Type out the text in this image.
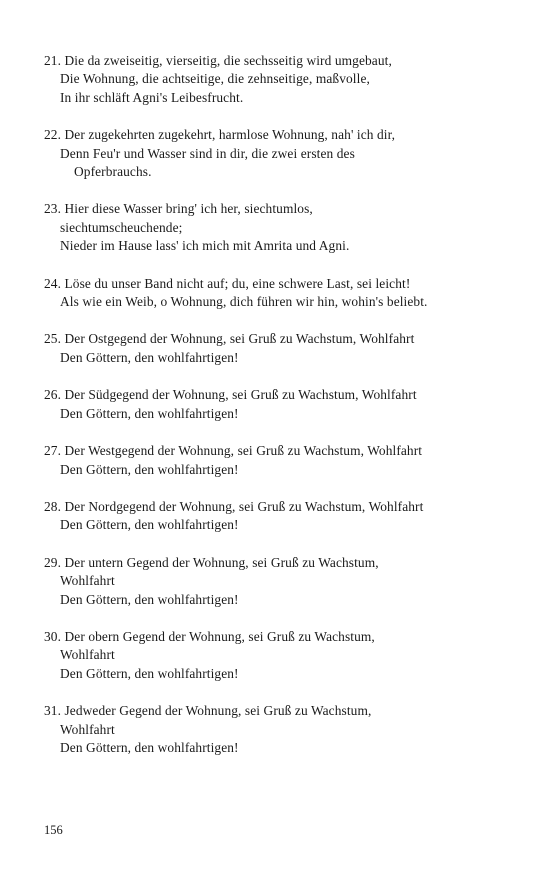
21. Die da zweiseitig, vierseitig, die sechsseitig wird umgebaut,
Die Wohnung, die achtseitige, die zehnseitige, maßvolle,
In ihr schläft Agni's Leibesfrucht.

22. Der zugekehrten zugekehrt, harmlose Wohnung, nah' ich dir,
Denn Feu'r und Wasser sind in dir, die zwei ersten des
Opferbrauchs.

23. Hier diese Wasser bring' ich her, siechtumlos,
siechtumscheuchende;
Nieder im Hause lass' ich mich mit Amrita und Agni.

24. Löse du unser Band nicht auf; du, eine schwere Last, sei leicht!
Als wie ein Weib, o Wohnung, dich führen wir hin, wohin's beliebt.

25. Der Ostgegend der Wohnung, sei Gruß zu Wachstum, Wohlfahrt
Den Göttern, den wohlfahrtigen!

26. Der Südgegend der Wohnung, sei Gruß zu Wachstum, Wohlfahrt
Den Göttern, den wohlfahrtigen!

27. Der Westgegend der Wohnung, sei Gruß zu Wachstum, Wohlfahrt
Den Göttern, den wohlfahrtigen!

28. Der Nordgegend der Wohnung, sei Gruß zu Wachstum, Wohlfahrt
Den Göttern, den wohlfahrtigen!

29. Der untern Gegend der Wohnung, sei Gruß zu Wachstum,
Wohlfahrt
Den Göttern, den wohlfahrtigen!

30. Der obern Gegend der Wohnung, sei Gruß zu Wachstum,
Wohlfahrt
Den Göttern, den wohlfahrtigen!

31. Jedweder Gegend der Wohnung, sei Gruß zu Wachstum,
Wohlfahrt
Den Göttern, den wohlfahrtigen!

156
